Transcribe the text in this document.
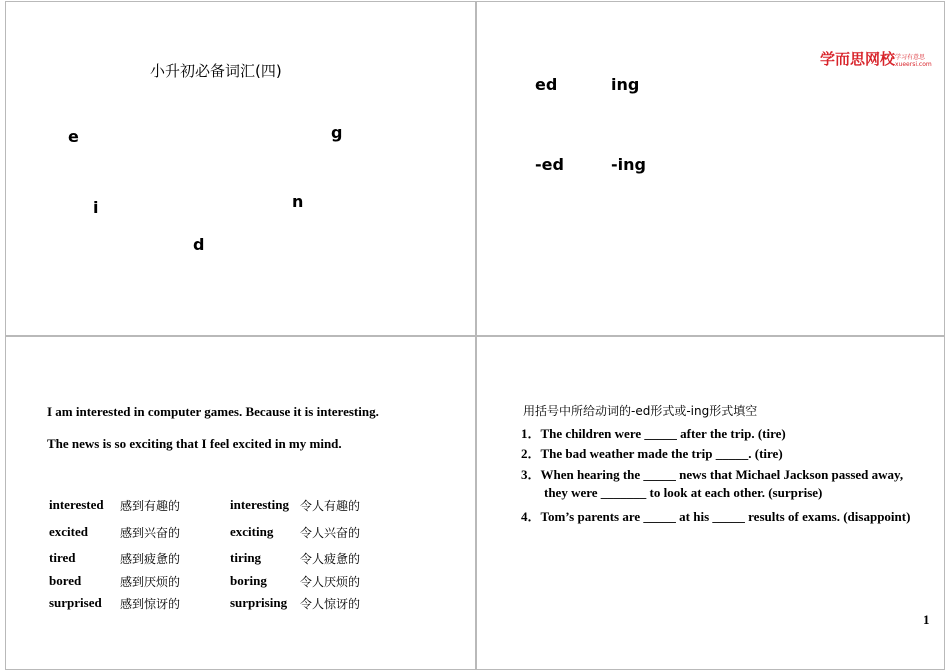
小升初必备词汇(四)
e	g
i	n
d
学而思网校 学习有意思
xueersi.com
ed	ing
-ed	-ing
I am interested in computer games. Because it is interesting.
The news is so exciting that I feel excited in my mind.
interested 感到有趣的	interesting 令人有趣的
excited	感到兴奋的	exciting 令人兴奋的
tired	感到疲惫的	tiring	令人疲惫的
bored	感到厌烦的	boring	令人厌烦的
surprised 感到惊讶的	surprising 令人惊讶的
用括号中所给动词的-ed形式或-ing形式填空
1．The children were _____ after the trip. (tire)
2．The bad weather made the trip _____. (tire)
3．When hearing the _____ news that Michael Jackson passed away,
they were _______ to look at each other. (surprise)
4．Tom’s parents are _____ at his _____ results of exams. (disappoint)
1
